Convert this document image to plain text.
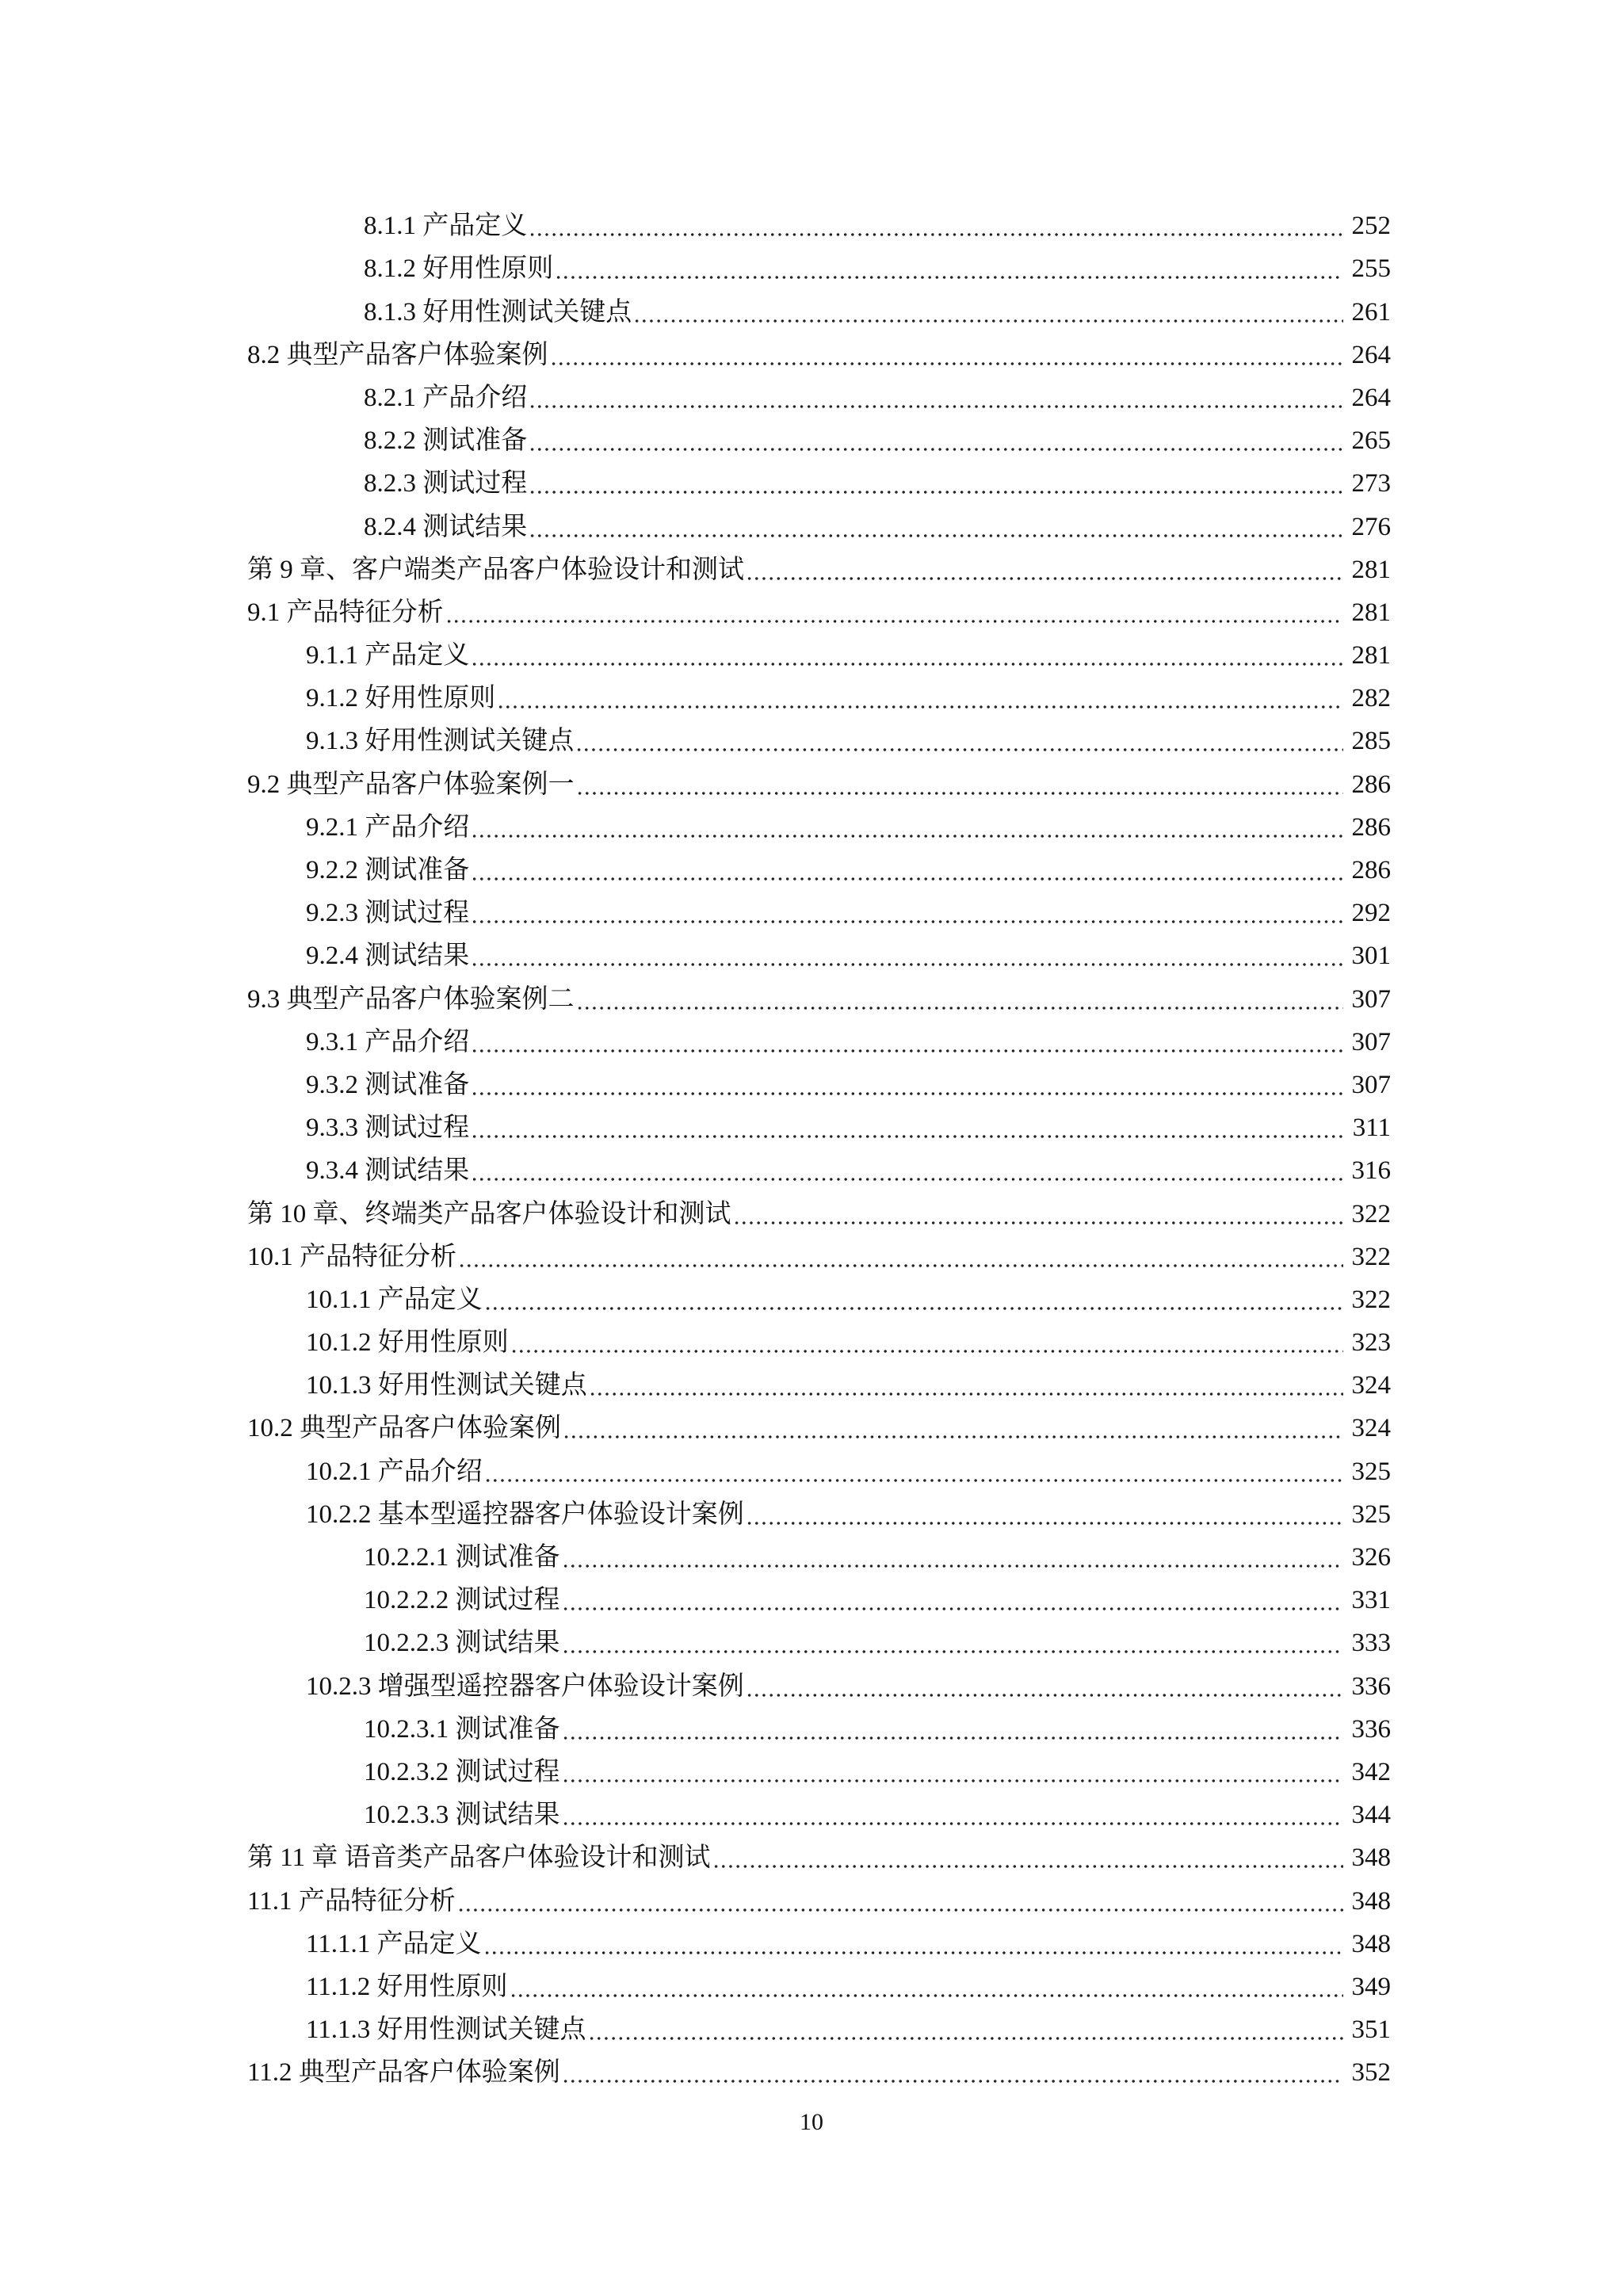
8.1.1 产品定义	252
8.1.2 好用性原则	255
8.1.3 好用性测试关键点	261
8.2 典型产品客户体验案例	264
8.2.1 产品介绍	264
8.2.2 测试准备	265
8.2.3 测试过程	273
8.2.4 测试结果	276
第 9 章、客户端类产品客户体验设计和测试	281
9.1 产品特征分析	281
9.1.1 产品定义	281
9.1.2 好用性原则	282
9.1.3 好用性测试关键点	285
9.2 典型产品客户体验案例一	286
9.2.1 产品介绍	286
9.2.2 测试准备	286
9.2.3 测试过程	292
9.2.4 测试结果	301
9.3 典型产品客户体验案例二	307
9.3.1 产品介绍	307
9.3.2 测试准备	307
9.3.3 测试过程	311
9.3.4 测试结果	316
第 10 章、终端类产品客户体验设计和测试	322
10.1 产品特征分析	322
10.1.1 产品定义	322
10.1.2 好用性原则	323
10.1.3 好用性测试关键点	324
10.2 典型产品客户体验案例	324
10.2.1 产品介绍	325
10.2.2 基本型遥控器客户体验设计案例	325
10.2.2.1 测试准备	326
10.2.2.2 测试过程	331
10.2.2.3 测试结果	333
10.2.3 增强型遥控器客户体验设计案例	336
10.2.3.1 测试准备	336
10.2.3.2 测试过程	342
10.2.3.3 测试结果	344
第 11 章 语音类产品客户体验设计和测试	348
11.1 产品特征分析	348
11.1.1 产品定义	348
11.1.2 好用性原则	349
11.1.3 好用性测试关键点	351
11.2 典型产品客户体验案例	352
10
